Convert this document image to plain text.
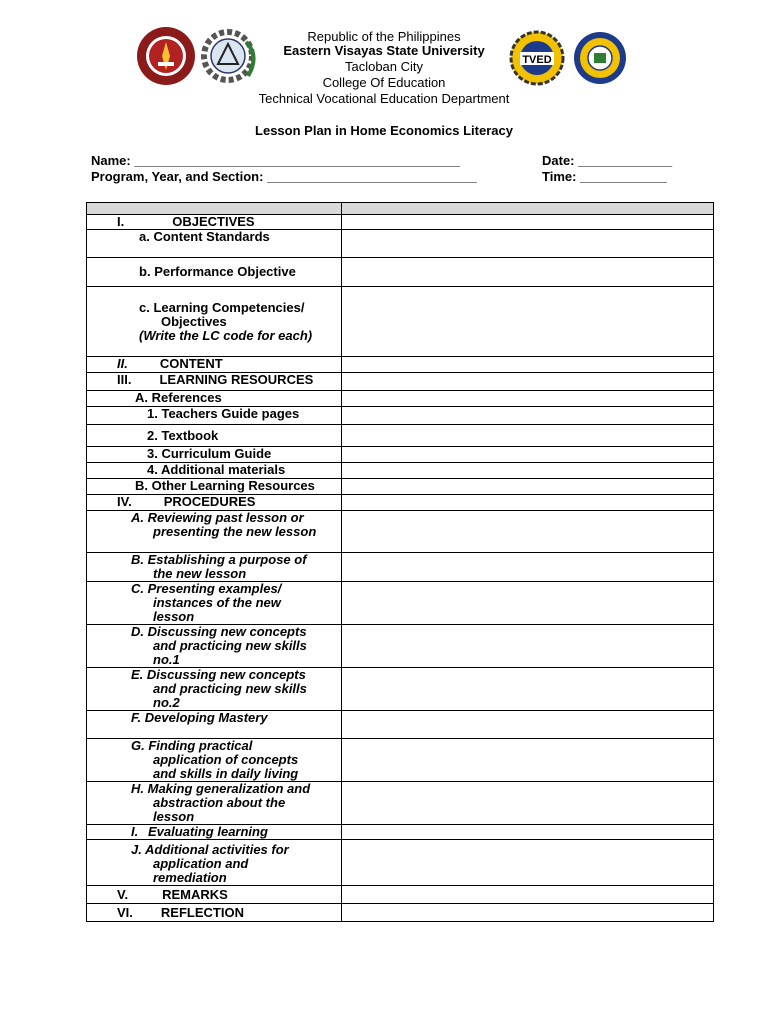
Republic of the Philippines
Eastern Visayas State University
Tacloban City
College Of Education
Technical Vocational Education Department
Lesson Plan in Home Economics Literacy
TVED
Name: _____________________________________________	Date: _____________
Program, Year, and Section: _____________________________	Time: ____________

I. OBJECTIVES	
a. Content Standards	
b. Performance Objective	

c. Learning Competencies/
Objectives
(Write the LC code for each)	

II. CONTENT	
III. LEARNING RESOURCES	
A. References	
1. Teachers Guide pages	
2. Textbook	
3. Curriculum Guide	
4. Additional materials	
B. Other Learning Resources	
IV. PROCEDURES	

A. Reviewing past lesson or
presenting the new lesson	

B. Establishing a purpose of
the new lesson	

C. Presenting examples/
instances of the new
lesson	

D. Discussing new concepts
and practicing new skills
no.1	

E. Discussing new concepts
and practicing new skills
no.2	

F. Developing Mastery	

G. Finding practical
application of concepts
and skills in daily living	

H. Making generalization and
abstraction about the
lesson	

I. Evaluating learning	

J. Additional activities for
application and
remediation	

V. REMARKS	
VI. REFLECTION	
